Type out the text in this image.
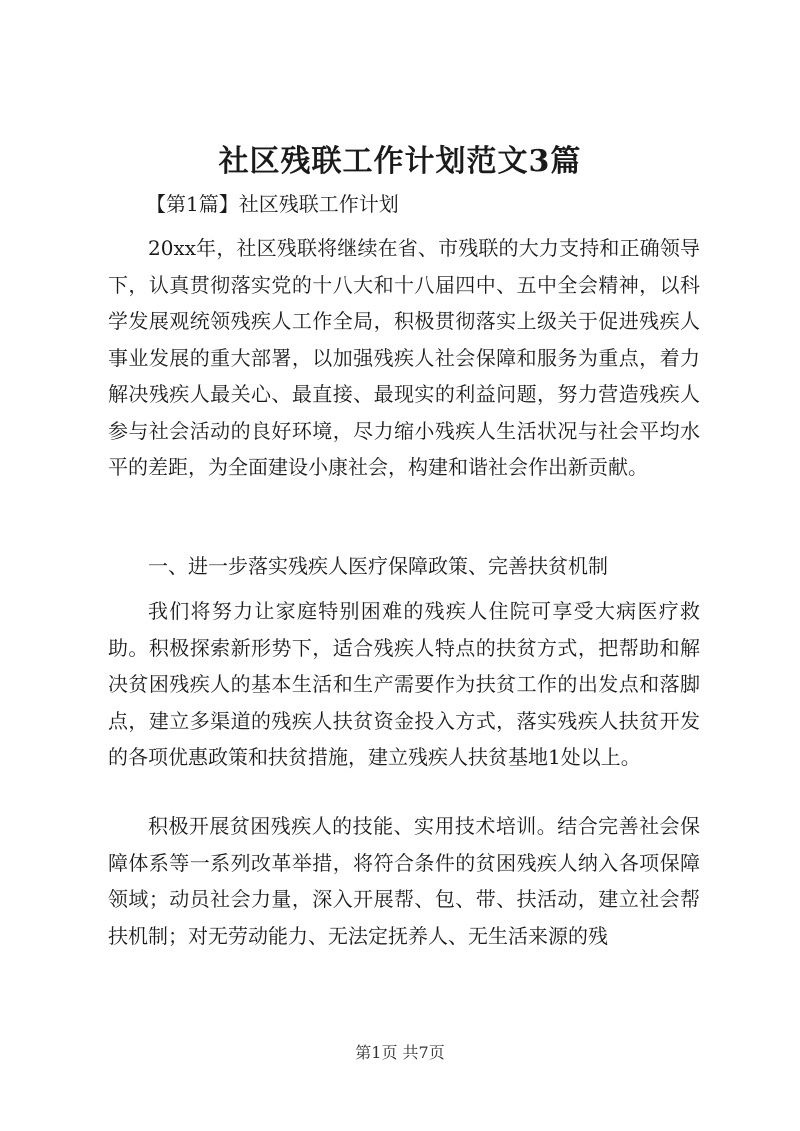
社区残联工作计划范文3篇
【第1篇】社区残联工作计划

20xx年，社区残联将继续在省、市残联的大力支持和正确领导下，认真贯彻落实党的十八大和十八届四中、五中全会精神，以科学发展观统领残疾人工作全局，积极贯彻落实上级关于促进残疾人事业发展的重大部署，以加强残疾人社会保障和服务为重点，着力解决残疾人最关心、最直接、最现实的利益问题，努力营造残疾人参与社会活动的良好环境，尽力缩小残疾人生活状况与社会平均水平的差距，为全面建设小康社会，构建和谐社会作出新贡献。

一、进一步落实残疾人医疗保障政策、完善扶贫机制

我们将努力让家庭特别困难的残疾人住院可享受大病医疗救助。积极探索新形势下，适合残疾人特点的扶贫方式，把帮助和解决贫困残疾人的基本生活和生产需要作为扶贫工作的出发点和落脚点，建立多渠道的残疾人扶贫资金投入方式，落实残疾人扶贫开发的各项优惠政策和扶贫措施，建立残疾人扶贫基地1处以上。

积极开展贫困残疾人的技能、实用技术培训。结合完善社会保障体系等一系列改革举措，将符合条件的贫困残疾人纳入各项保障领域；动员社会力量，深入开展帮、包、带、扶活动，建立社会帮扶机制；对无劳动能力、无法定抚养人、无生活来源的残

第1页 共7页
